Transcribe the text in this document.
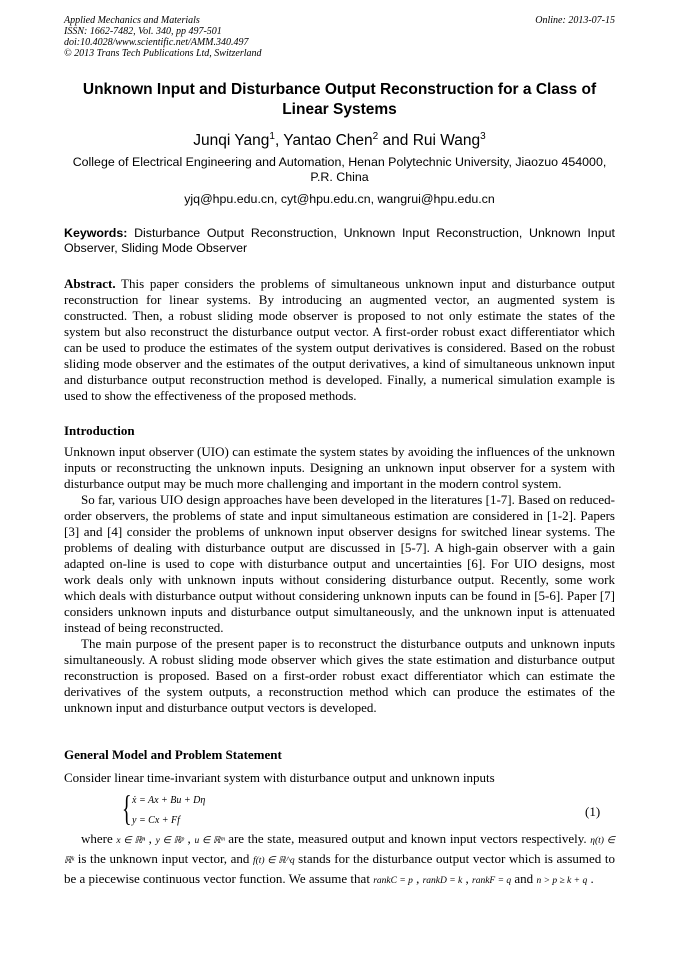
Applied Mechanics and Materials
ISSN: 1662-7482, Vol. 340, pp 497-501
doi:10.4028/www.scientific.net/AMM.340.497
© 2013 Trans Tech Publications Ltd, Switzerland
Online: 2013-07-15
Unknown Input and Disturbance Output Reconstruction for a Class of Linear Systems
Junqi Yang$^1$, Yantao Chen$^2$ and Rui Wang$^3$
College of Electrical Engineering and Automation, Henan Polytechnic University, Jiaozuo 454000, P.R. China
yjq@hpu.edu.cn, cyt@hpu.edu.cn, wangrui@hpu.edu.cn
Keywords: Disturbance Output Reconstruction, Unknown Input Reconstruction, Unknown Input Observer, Sliding Mode Observer
Abstract. This paper considers the problems of simultaneous unknown input and disturbance output reconstruction for linear systems. By introducing an augmented vector, an augmented system is constructed. Then, a robust sliding mode observer is proposed to not only estimate the states of the system but also reconstruct the disturbance output vector. A first-order robust exact differentiator which can be used to produce the estimates of the system output derivatives is considered. Based on the robust sliding mode observer and the estimates of the output derivatives, a kind of simultaneous unknown input and disturbance output reconstruction method is developed. Finally, a numerical simulation example is used to show the effectiveness of the proposed methods.
Introduction

Unknown input observer (UIO) can estimate the system states by avoiding the influences of the unknown inputs or reconstructing the unknown inputs. Designing an unknown input observer for a system with disturbance output may be much more challenging and important in the modern control system.

So far, various UIO design approaches have been developed in the literatures [1-7]. Based on reduced-order observers, the problems of state and input simultaneous estimation are considered in [1-2]. Papers [3] and [4] consider the problems of unknown input observer designs for switched linear systems. The problems of dealing with disturbance output are discussed in [5-7]. A high-gain observer with a gain adapted on-line is used to cope with disturbance output and uncertainties [6]. For UIO designs, most work deals only with unknown inputs without considering disturbance output. Recently, some work which deals with disturbance output without considering unknown inputs can be found in [5-6]. Paper [7] considers unknown inputs and disturbance output simultaneously, and the unknown input is attenuated instead of being reconstructed.

The main purpose of the present paper is to reconstruct the disturbance outputs and unknown inputs simultaneously. A robust sliding mode observer which gives the state estimation and disturbance output reconstruction is proposed. Based on a first-order robust exact differentiator which can estimate the derivatives of the system outputs, a reconstruction method which can produce the estimates of the unknown input and disturbance output vectors is developed.

General Model and Problem Statement
Consider linear time-invariant system with disturbance output and unknown inputs
{ ẋ = Ax + Bu + Dη
y = Cx + Ff
(1)
where x ∈ ℝⁿ , y ∈ ℝᵖ , u ∈ ℝᵐ are the state, measured output and known input vectors respectively. η(t) ∈ ℝᵏ is the unknown input vector, and f(t) ∈ ℝ^q stands for the disturbance output vector which is assumed to be a piecewise continuous vector function. We assume that rankC = p , rankD = k , rankF = q and n > p ≥ k + q .
